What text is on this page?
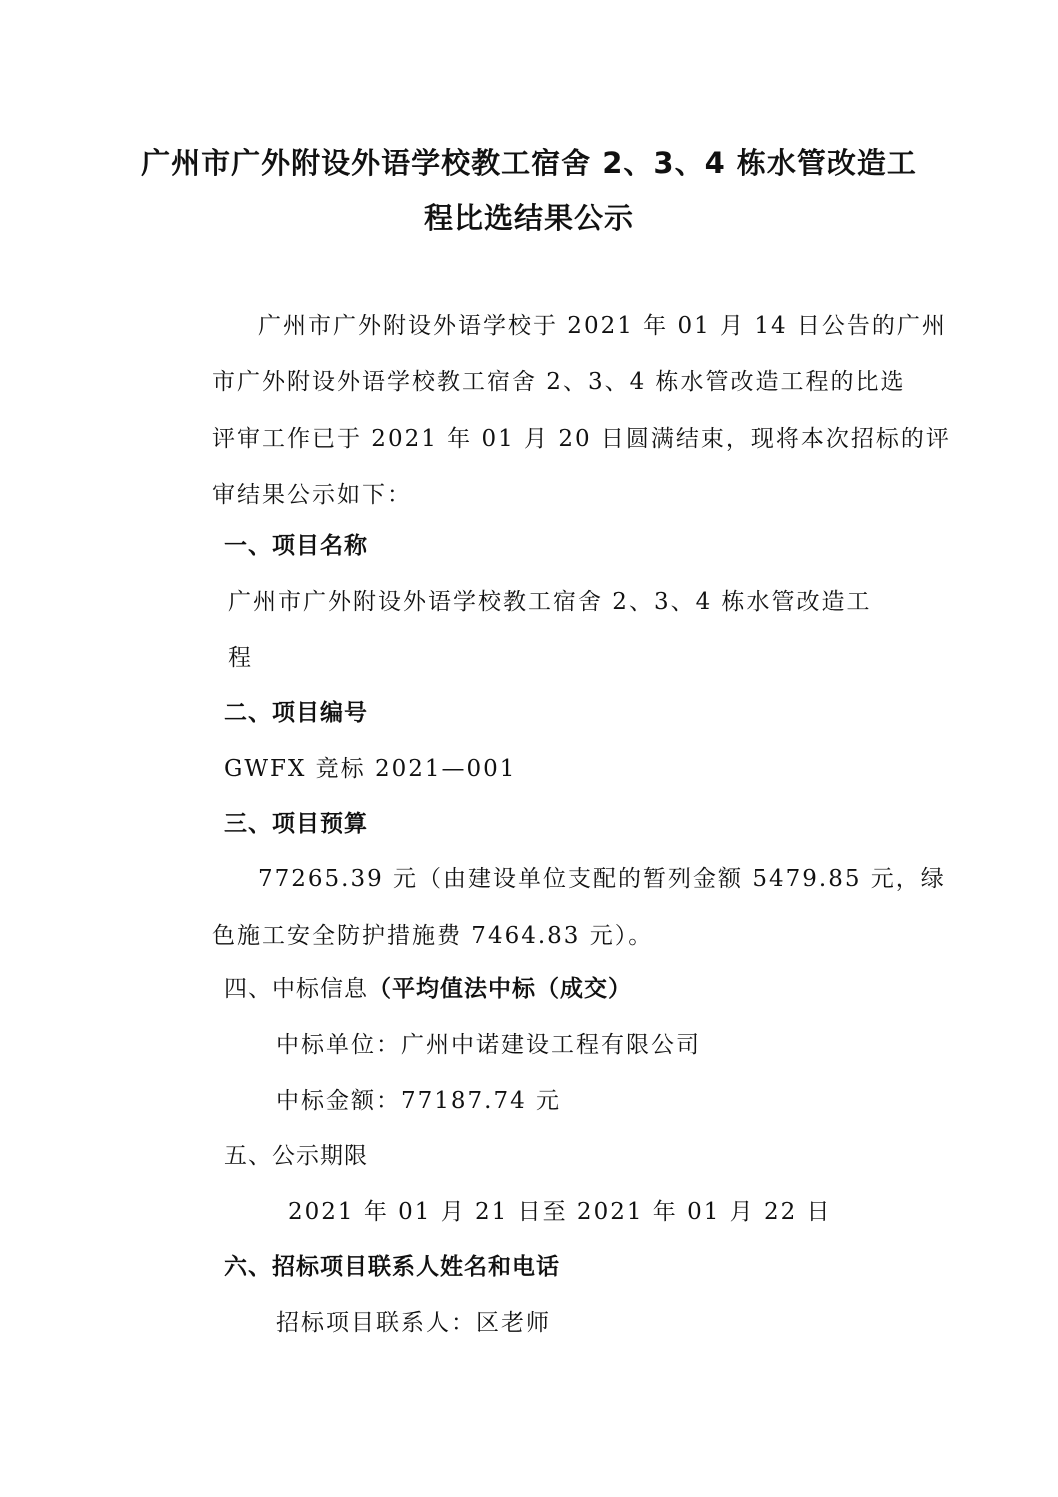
广州市广外附设外语学校教工宿舍 2、3、4 栋水管改造工
程比选结果公示
广州市广外附设外语学校于 2021 年 01 月 14 日公告的广州
市广外附设外语学校教工宿舍 2、3、4 栋水管改造工程的比选
评审工作已于 2021 年 01 月 20 日圆满结束，现将本次招标的评
审结果公示如下：
一、项目名称
广州市广外附设外语学校教工宿舍 2、3、4 栋水管改造工
程
二、项目编号
GWFX 竞标 2021—001
三、项目预算
77265.39 元（由建设单位支配的暂列金额 5479.85 元，绿
色施工安全防护措施费 7464.83 元）。
四、中标信息（平均值法中标（成交）
中标单位：广州中诺建设工程有限公司
中标金额：77187.74 元
五、公示期限
2021 年 01 月 21 日至 2021 年 01 月 22 日
六、招标项目联系人姓名和电话
招标项目联系人：区老师
